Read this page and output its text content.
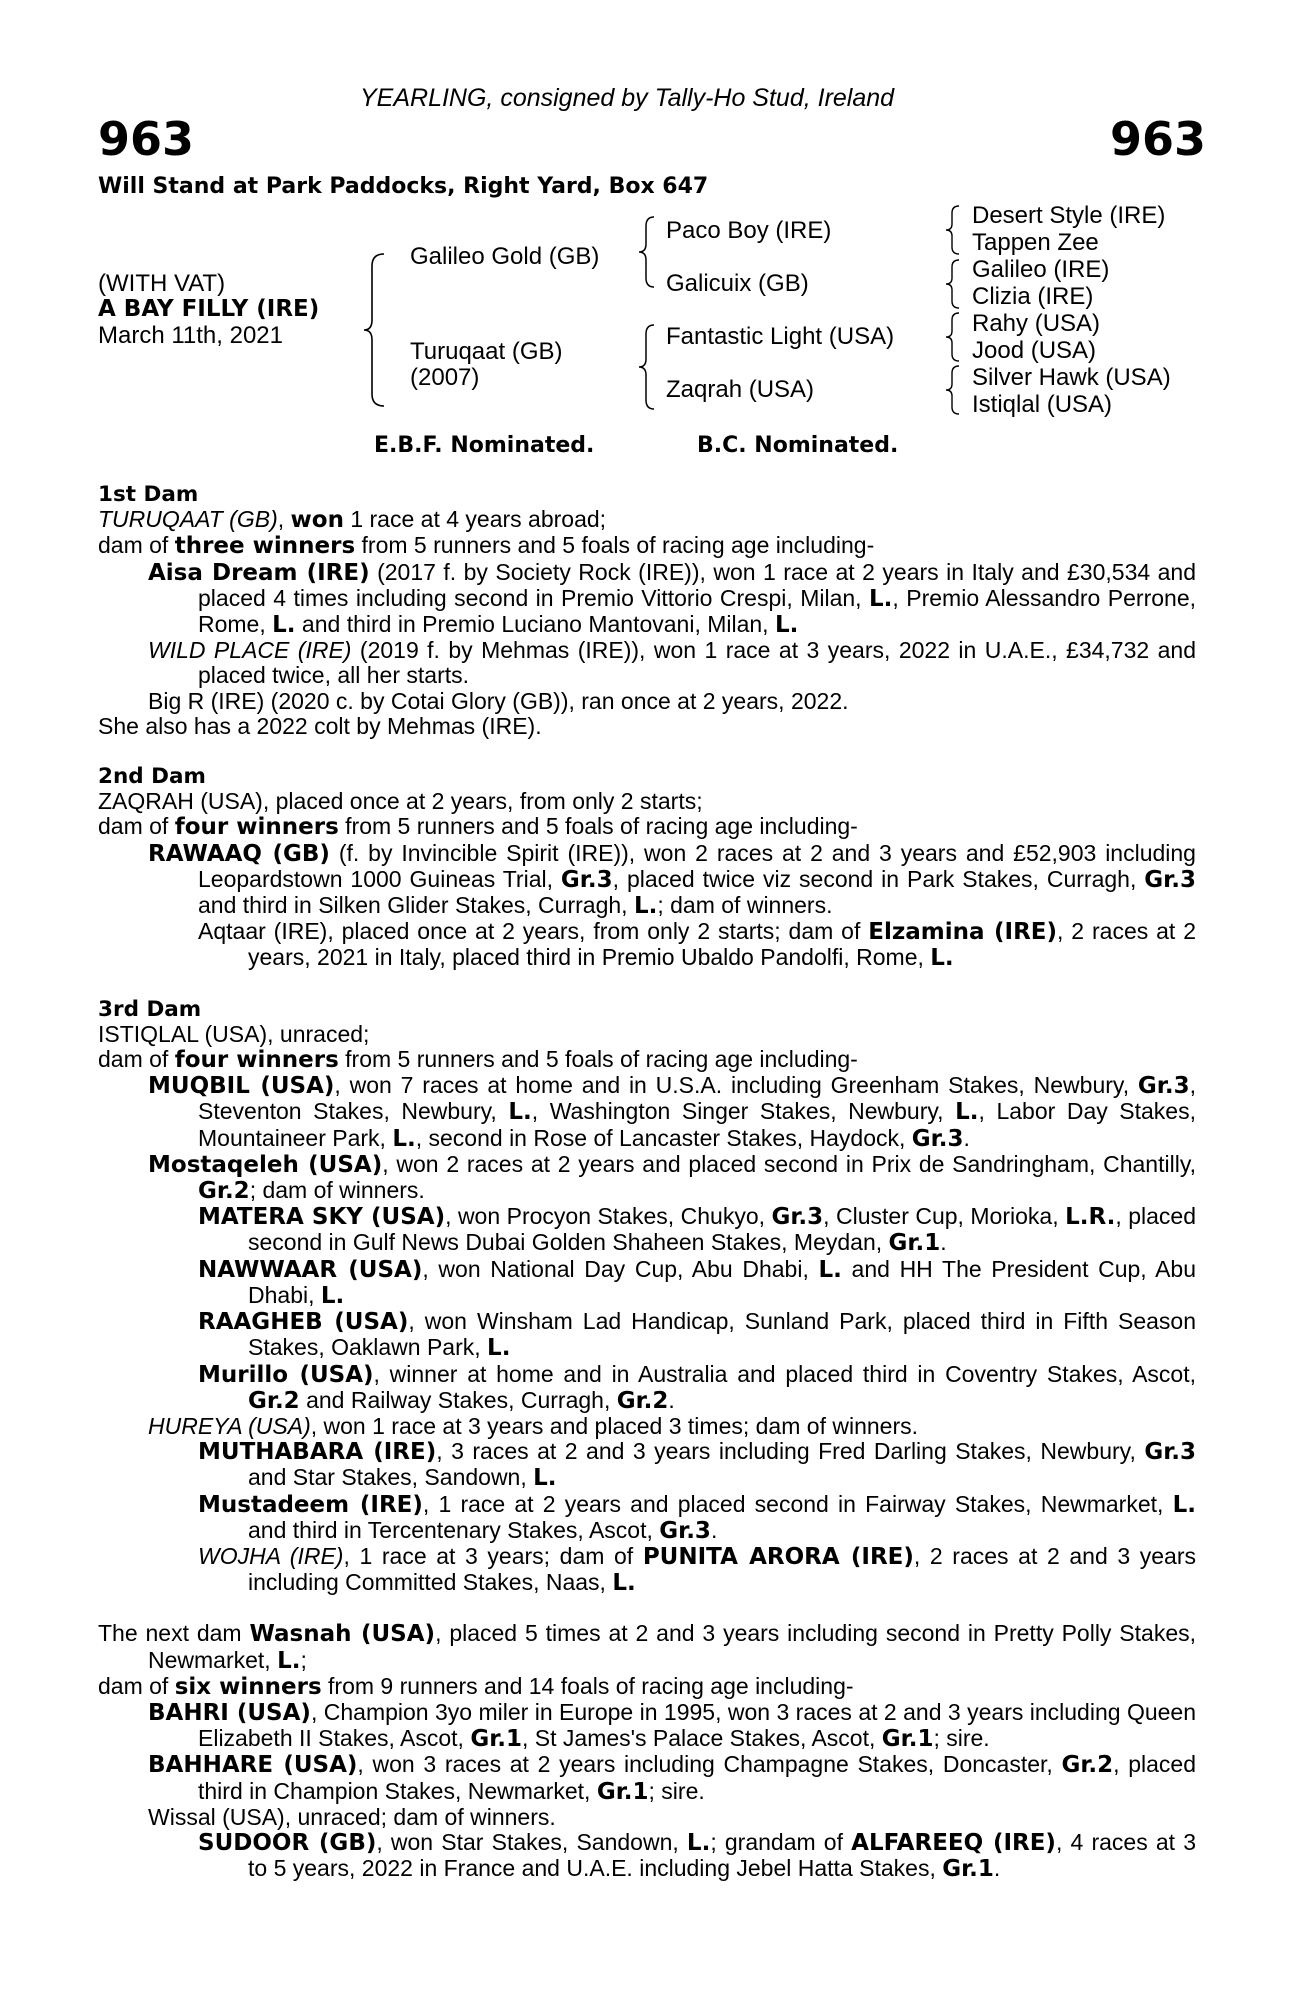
YEARLING, consigned by Tally-Ho Stud, Ireland
963	963
Will Stand at Park Paddocks, Right Yard, Box 647
(WITH VAT)
A BAY FILLY (IRE)
March 11th, 2021
Galileo Gold (GB)
Turuqaat (GB)
(2007)
Paco Boy (IRE)
Galicuix (GB)
Fantastic Light (USA)
Zaqrah (USA)
Desert Style (IRE)
Tappen Zee
Galileo (IRE)
Clizia (IRE)
Rahy (USA)
Jood (USA)
Silver Hawk (USA)
Istiqlal (USA)
E.B.F. Nominated.	B.C. Nominated.

1st Dam

TURUQAAT (GB), won 1 race at 4 years abroad;

dam of three winners from 5 runners and 5 foals of racing age including-

Aisa Dream (IRE) (2017 f. by Society Rock (IRE)), won 1 race at 2 years in Italy and £30,534 and placed 4 times including second in Premio Vittorio Crespi, Milan, L., Premio Alessandro Perrone, Rome, L. and third in Premio Luciano Mantovani, Milan, L.

WILD PLACE (IRE) (2019 f. by Mehmas (IRE)), won 1 race at 3 years, 2022 in U.A.E., £34,732 and placed twice, all her starts.

Big R (IRE) (2020 c. by Cotai Glory (GB)), ran once at 2 years, 2022.

She also has a 2022 colt by Mehmas (IRE).

2nd Dam

ZAQRAH (USA), placed once at 2 years, from only 2 starts;

dam of four winners from 5 runners and 5 foals of racing age including-

RAWAAQ (GB) (f. by Invincible Spirit (IRE)), won 2 races at 2 and 3 years and £52,903 including Leopardstown 1000 Guineas Trial, Gr.3, placed twice viz second in Park Stakes, Curragh, Gr.3 and third in Silken Glider Stakes, Curragh, L.; dam of winners.

Aqtaar (IRE), placed once at 2 years, from only 2 starts; dam of Elzamina (IRE), 2 races at 2 years, 2021 in Italy, placed third in Premio Ubaldo Pandolfi, Rome, L.

3rd Dam

ISTIQLAL (USA), unraced;

dam of four winners from 5 runners and 5 foals of racing age including-

MUQBIL (USA), won 7 races at home and in U.S.A. including Greenham Stakes, Newbury, Gr.3, Steventon Stakes, Newbury, L., Washington Singer Stakes, Newbury, L., Labor Day Stakes, Mountaineer Park, L., second in Rose of Lancaster Stakes, Haydock, Gr.3.

Mostaqeleh (USA), won 2 races at 2 years and placed second in Prix de Sandringham, Chantilly, Gr.2; dam of winners.

MATERA SKY (USA), won Procyon Stakes, Chukyo, Gr.3, Cluster Cup, Morioka, L.R., placed second in Gulf News Dubai Golden Shaheen Stakes, Meydan, Gr.1.

NAWWAAR (USA), won National Day Cup, Abu Dhabi, L. and HH The President Cup, Abu Dhabi, L.

RAAGHEB (USA), won Winsham Lad Handicap, Sunland Park, placed third in Fifth Season Stakes, Oaklawn Park, L.

Murillo (USA), winner at home and in Australia and placed third in Coventry Stakes, Ascot, Gr.2 and Railway Stakes, Curragh, Gr.2.

HUREYA (USA), won 1 race at 3 years and placed 3 times; dam of winners.

MUTHABARA (IRE), 3 races at 2 and 3 years including Fred Darling Stakes, Newbury, Gr.3 and Star Stakes, Sandown, L.

Mustadeem (IRE), 1 race at 2 years and placed second in Fairway Stakes, Newmarket, L. and third in Tercentenary Stakes, Ascot, Gr.3.

WOJHA (IRE), 1 race at 3 years; dam of PUNITA ARORA (IRE), 2 races at 2 and 3 years including Committed Stakes, Naas, L.

The next dam Wasnah (USA), placed 5 times at 2 and 3 years including second in Pretty Polly Stakes, Newmarket, L.;

dam of six winners from 9 runners and 14 foals of racing age including-

BAHRI (USA), Champion 3yo miler in Europe in 1995, won 3 races at 2 and 3 years including Queen Elizabeth II Stakes, Ascot, Gr.1, St James's Palace Stakes, Ascot, Gr.1; sire.

BAHHARE (USA), won 3 races at 2 years including Champagne Stakes, Doncaster, Gr.2, placed third in Champion Stakes, Newmarket, Gr.1; sire.

Wissal (USA), unraced; dam of winners.

SUDOOR (GB), won Star Stakes, Sandown, L.; grandam of ALFAREEQ (IRE), 4 races at 3 to 5 years, 2022 in France and U.A.E. including Jebel Hatta Stakes, Gr.1.
